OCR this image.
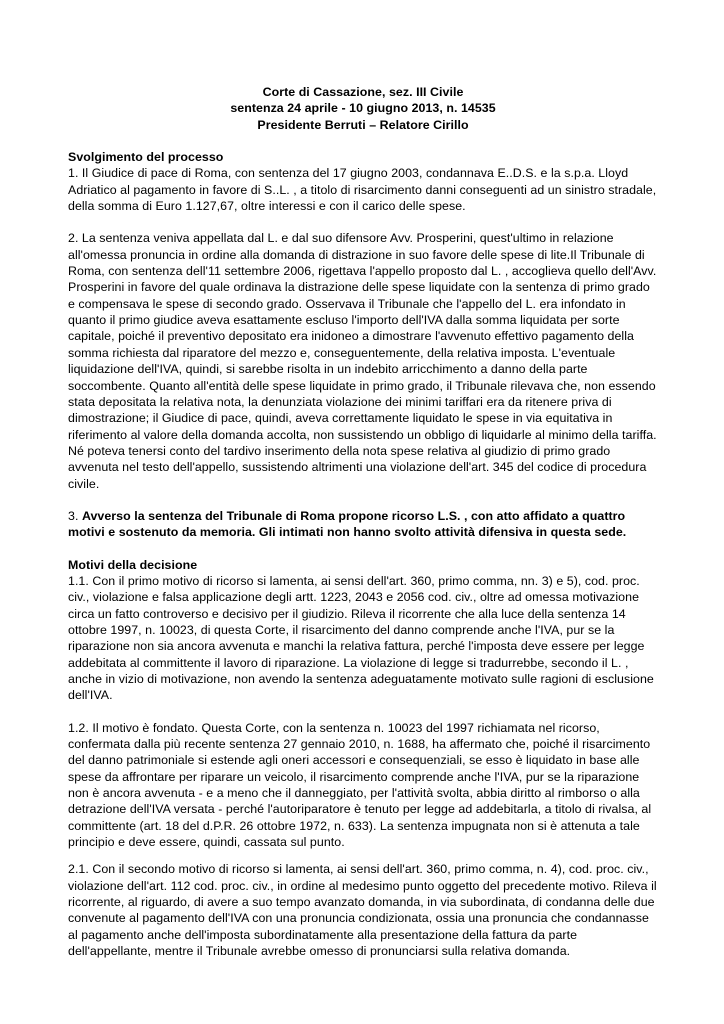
Corte di Cassazione, sez. III Civile
sentenza 24 aprile - 10 giugno 2013, n. 14535
Presidente Berruti – Relatore Cirillo
Svolgimento del processo

1. Il Giudice di pace di Roma, con sentenza del 17 giugno 2003, condannava E..D.S. e la s.p.a. Lloyd Adriatico al pagamento in favore di S..L. , a titolo di risarcimento danni conseguenti ad un sinistro stradale, della somma di Euro 1.127,67, oltre interessi e con il carico delle spese.

2. La sentenza veniva appellata dal L. e dal suo difensore Avv. Prosperini, quest'ultimo in relazione all'omessa pronuncia in ordine alla domanda di distrazione in suo favore delle spese di lite.Il Tribunale di Roma, con sentenza dell'11 settembre 2006, rigettava l'appello proposto dal L. , accoglieva quello dell'Avv. Prosperini in favore del quale ordinava la distrazione delle spese liquidate con la sentenza di primo grado e compensava le spese di secondo grado. Osservava il Tribunale che l'appello del L. era infondato in quanto il primo giudice aveva esattamente escluso l'importo dell'IVA dalla somma liquidata per sorte capitale, poiché il preventivo depositato era inidoneo a dimostrare l'avvenuto effettivo pagamento della somma richiesta dal riparatore del mezzo e, conseguentemente, della relativa imposta. L'eventuale liquidazione dell'IVA, quindi, si sarebbe risolta in un indebito arricchimento a danno della parte soccombente. Quanto all'entità delle spese liquidate in primo grado, il Tribunale rilevava che, non essendo stata depositata la relativa nota, la denunziata violazione dei minimi tariffari era da ritenere priva di dimostrazione; il Giudice di pace, quindi, aveva correttamente liquidato le spese in via equitativa in riferimento al valore della domanda accolta, non sussistendo un obbligo di liquidarle al minimo della tariffa. Né poteva tenersi conto del tardivo inserimento della nota spese relativa al giudizio di primo grado avvenuta nel testo dell'appello, sussistendo altrimenti una violazione dell'art. 345 del codice di procedura civile.

3. Avverso la sentenza del Tribunale di Roma propone ricorso L.S. , con atto affidato a quattro motivi e sostenuto da memoria. Gli intimati non hanno svolto attività difensiva in questa sede.

Motivi della decisione

1.1. Con il primo motivo di ricorso si lamenta, ai sensi dell'art. 360, primo comma, nn. 3) e 5), cod. proc. civ., violazione e falsa applicazione degli artt. 1223, 2043 e 2056 cod. civ., oltre ad omessa motivazione circa un fatto controverso e decisivo per il giudizio. Rileva il ricorrente che alla luce della sentenza 14 ottobre 1997, n. 10023, di questa Corte, il risarcimento del danno comprende anche l'IVA, pur se la riparazione non sia ancora avvenuta e manchi la relativa fattura, perché l'imposta deve essere per legge addebitata al committente il lavoro di riparazione. La violazione di legge si tradurrebbe, secondo il L. , anche in vizio di motivazione, non avendo la sentenza adeguatamente motivato sulle ragioni di esclusione dell'IVA.

1.2. Il motivo è fondato. Questa Corte, con la sentenza n. 10023 del 1997 richiamata nel ricorso, confermata dalla più recente sentenza 27 gennaio 2010, n. 1688, ha affermato che, poiché il risarcimento del danno patrimoniale si estende agli oneri accessori e consequenziali, se esso è liquidato in base alle spese da affrontare per riparare un veicolo, il risarcimento comprende anche l'IVA, pur se la riparazione non è ancora avvenuta - e a meno che il danneggiato, per l'attività svolta, abbia diritto al rimborso o alla detrazione dell'IVA versata - perché l'autoriparatore è tenuto per legge ad addebitarla, a titolo di rivalsa, al committente (art. 18 del d.P.R. 26 ottobre 1972, n. 633). La sentenza impugnata non si è attenuta a tale principio e deve essere, quindi, cassata sul punto.

2.1. Con il secondo motivo di ricorso si lamenta, ai sensi dell'art. 360, primo comma, n. 4), cod. proc. civ., violazione dell'art. 112 cod. proc. civ., in ordine al medesimo punto oggetto del precedente motivo. Rileva il ricorrente, al riguardo, di avere a suo tempo avanzato domanda, in via subordinata, di condanna delle due convenute al pagamento dell'IVA con una pronuncia condizionata, ossia una pronuncia che condannasse al pagamento anche dell'imposta subordinatamente alla presentazione della fattura da parte dell'appellante, mentre il Tribunale avrebbe omesso di pronunciarsi sulla relativa domanda.
